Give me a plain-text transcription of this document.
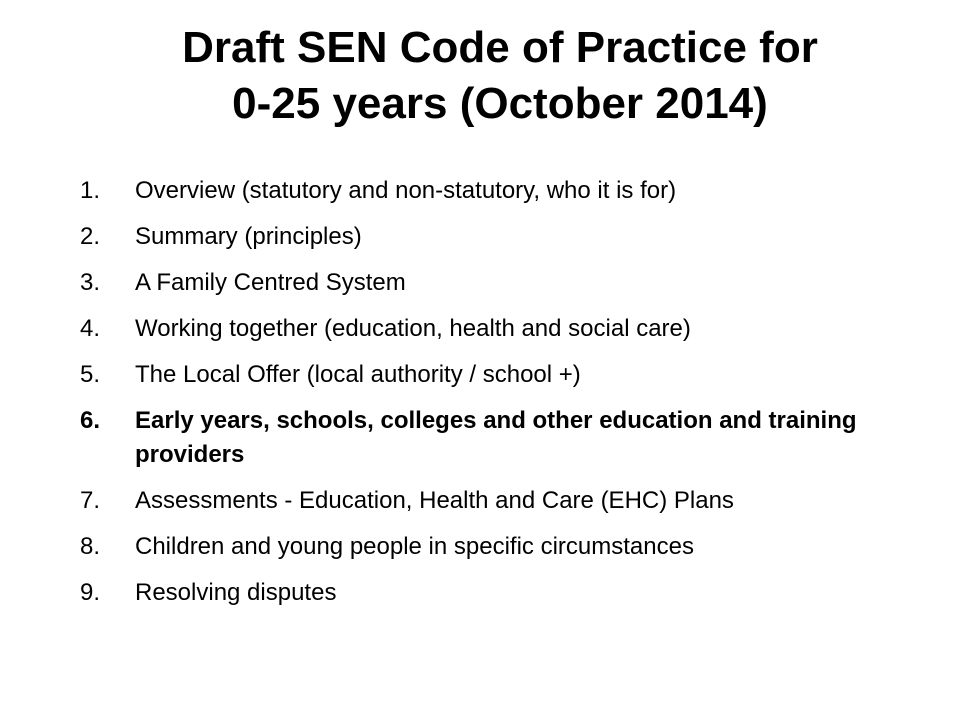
Draft SEN Code of Practice for
0-25 years (October 2014)
1.	Overview (statutory and non-statutory, who it is for)
2.	Summary (principles)
3.	A Family Centred System
4.	Working together (education, health and social care)
5.	The Local Offer (local authority / school +)
6.	Early years, schools, colleges and other education and training providers
7.	Assessments - Education, Health and Care (EHC) Plans
8.	Children and young people in specific circumstances
9.	Resolving disputes
